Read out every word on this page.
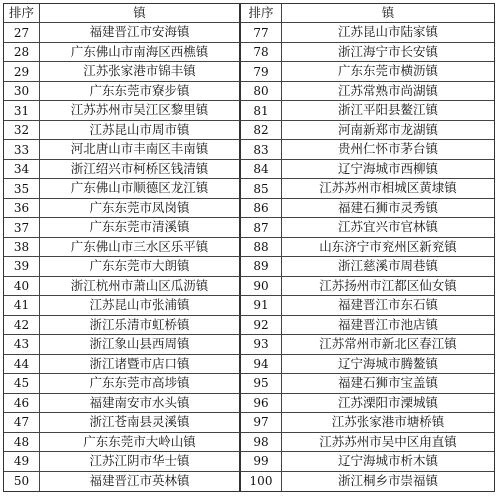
排序	镇	排序	镇
27	福建晋江市安海镇	77	江苏昆山市陆家镇
28	广东佛山市南海区西樵镇	78	浙江海宁市长安镇
29	江苏张家港市锦丰镇	79	广东东莞市横沥镇
30	广东东莞市寮步镇	80	江苏常熟市尚湖镇
31	江苏苏州市吴江区黎里镇	81	浙江平阳县鳌江镇
32	江苏昆山市周市镇	82	河南新郑市龙湖镇
33	河北唐山市丰南区丰南镇	83	贵州仁怀市茅台镇
34	浙江绍兴市柯桥区钱清镇	84	辽宁海城市西柳镇
35	广东佛山市顺德区龙江镇	85	江苏苏州市相城区黄埭镇
36	广东东莞市凤岗镇	86	福建石狮市灵秀镇
37	广东东莞市清溪镇	87	江苏宜兴市官林镇
38	广东佛山市三水区乐平镇	88	山东济宁市兖州区新兖镇
39	广东东莞市大朗镇	89	浙江慈溪市周巷镇
40	浙江杭州市萧山区瓜沥镇	90	江苏扬州市江都区仙女镇
41	江苏昆山市张浦镇	91	福建晋江市东石镇
42	浙江乐清市虹桥镇	92	福建晋江市池店镇
43	浙江象山县西周镇	93	江苏常州市新北区春江镇
44	浙江诸暨市店口镇	94	辽宁海城市腾鳌镇
45	广东东莞市高埗镇	95	福建石狮市宝盖镇
46	福建南安市水头镇	96	江苏溧阳市溧城镇
47	浙江苍南县灵溪镇	97	江苏张家港市塘桥镇
48	广东东莞市大岭山镇	98	江苏苏州市吴中区甪直镇
49	江苏江阴市华士镇	99	辽宁海城市析木镇
50	福建晋江市英林镇	100	浙江桐乡市崇福镇
